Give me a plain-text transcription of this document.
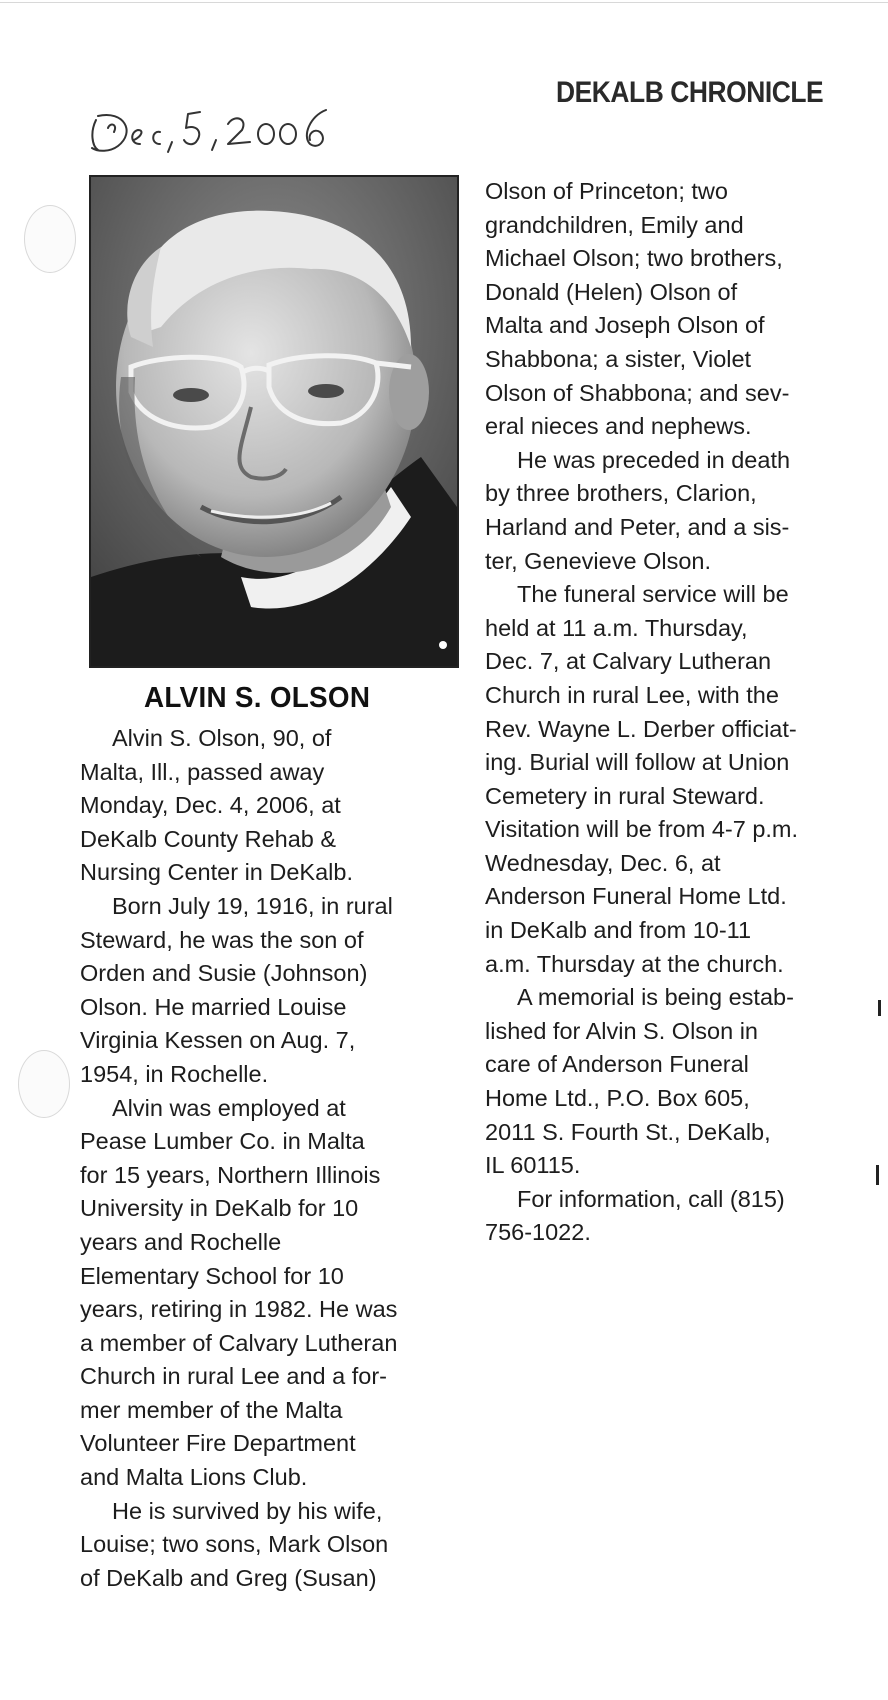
DEKALB CHRONICLE
ALVIN S. OLSON
Alvin S. Olson, 90, of
Malta, Ill., passed away
Monday, Dec. 4, 2006, at
DeKalb County Rehab &
Nursing Center in DeKalb.
Born July 19, 1916, in rural
Steward, he was the son of
Orden and Susie (Johnson)
Olson. He married Louise
Virginia Kessen on Aug. 7,
1954, in Rochelle.
Alvin was employed at
Pease Lumber Co. in Malta
for 15 years, Northern Illinois
University in DeKalb for 10
years and Rochelle
Elementary School for 10
years, retiring in 1982. He was
a member of Calvary Lutheran
Church in rural Lee and a for-
mer member of the Malta
Volunteer Fire Department
and Malta Lions Club.
He is survived by his wife,
Louise; two sons, Mark Olson
of DeKalb and Greg (Susan)
Olson of Princeton; two
grandchildren, Emily and
Michael Olson; two brothers,
Donald (Helen) Olson of
Malta and Joseph Olson of
Shabbona; a sister, Violet
Olson of Shabbona; and sev-
eral nieces and nephews.
He was preceded in death
by three brothers, Clarion,
Harland and Peter, and a sis-
ter, Genevieve Olson.
The funeral service will be
held at 11 a.m. Thursday,
Dec. 7, at Calvary Lutheran
Church in rural Lee, with the
Rev. Wayne L. Derber officiat-
ing. Burial will follow at Union
Cemetery in rural Steward.
Visitation will be from 4-7 p.m.
Wednesday, Dec. 6, at
Anderson Funeral Home Ltd.
in DeKalb and from 10-11
a.m. Thursday at the church.
A memorial is being estab-
lished for Alvin S. Olson in
care of Anderson Funeral
Home Ltd., P.O. Box 605,
2011 S. Fourth St., DeKalb,
IL 60115.
For information, call (815)
756-1022.
